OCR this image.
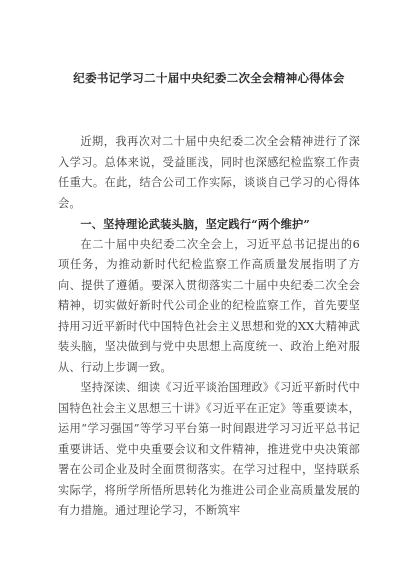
纪委书记学习二十届中央纪委二次全会精神心得体会

近期，我再次对二十届中央纪委二次全会精神进行了深入学习。总体来说，受益匪浅，同时也深感纪检监察工作责任重大。在此，结合公司工作实际，谈谈自己学习的心得体会。

一、坚持理论武装头脑，坚定践行“两个维护”

在二十届中央纪委二次全会上，习近平总书记提出的6项任务，为推动新时代纪检监察工作高质量发展指明了方向、提供了遵循。要深入贯彻落实二十届中央纪委二次全会精神，切实做好新时代公司企业的纪检监察工作，首先要坚持用习近平新时代中国特色社会主义思想和党的XX大精神武装头脑，坚决做到与党中央思想上高度统一、政治上绝对服从、行动上步调一致。

坚持深读、细读《习近平谈治国理政》《习近平新时代中国特色社会主义思想三十讲》《习近平在正定》等重要读本，运用“学习强国”等学习平台第一时间跟进学习习近平总书记重要讲话、党中央重要会议和文件精神，推进党中央决策部署在公司企业及时全面贯彻落实。在学习过程中，坚持联系实际学，将所学所悟所思转化为推进公司企业高质量发展的有力措施。通过理论学习，不断筑牢
